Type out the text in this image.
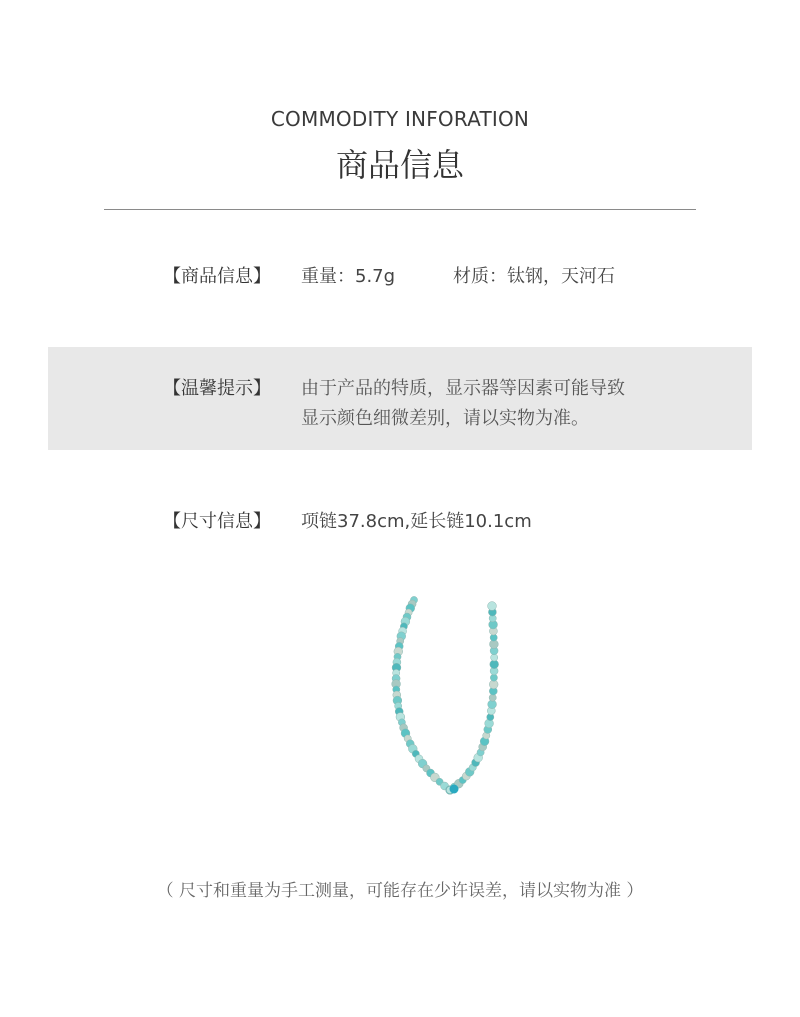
COMMODITY INFORATION
商品信息
【商品信息】 重量：5.7g	材质：钛钢，天河石
【温馨提示】 由于产品的特质，显示器等因素可能导致
显示颜色细微差别，请以实物为准。
【尺寸信息】 项链37.8cm,延长链10.1cm
（ 尺寸和重量为手工测量，可能存在少许误差，请以实物为准 ）
